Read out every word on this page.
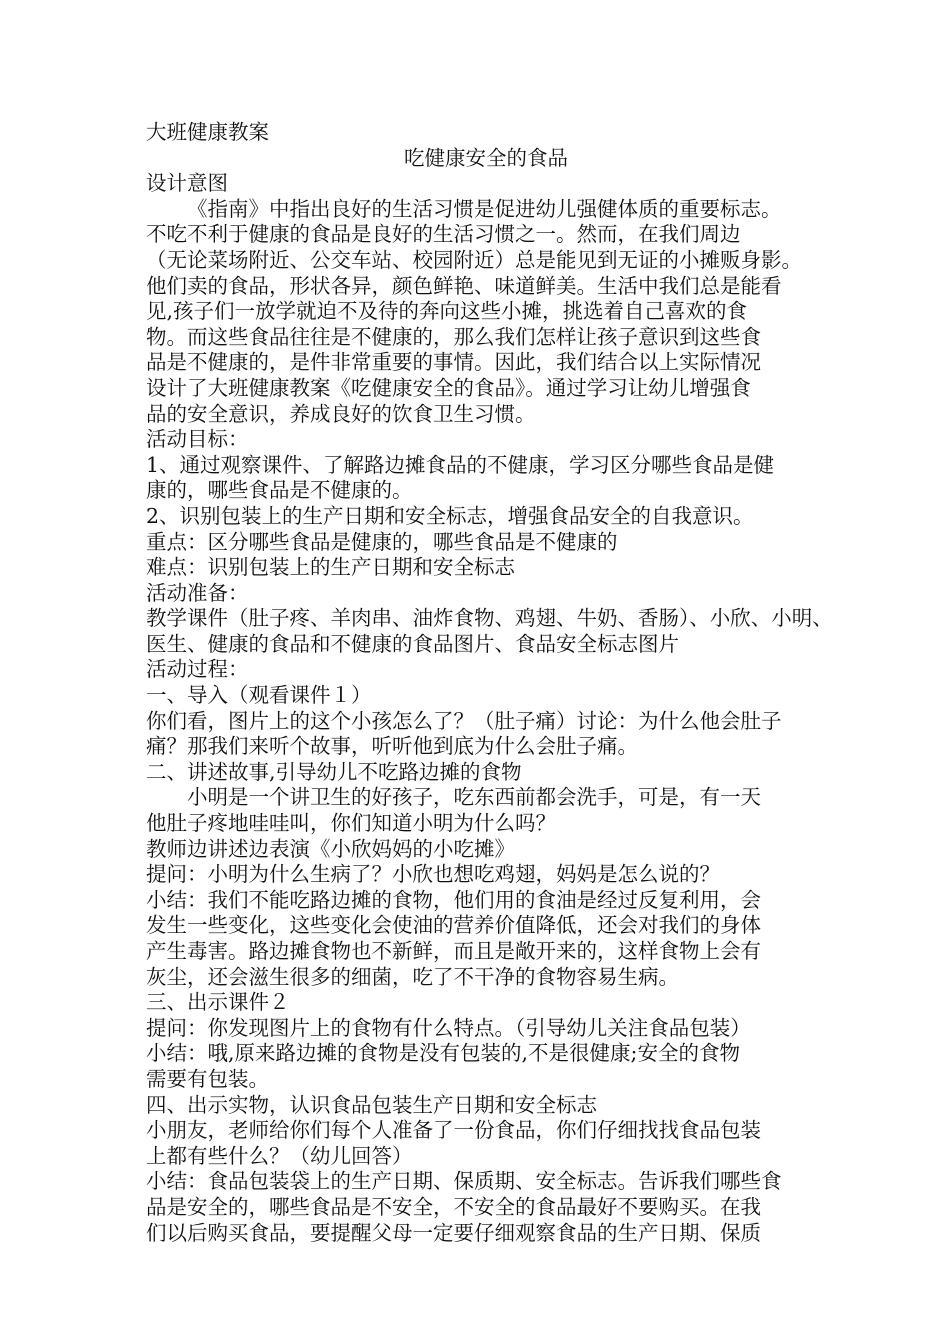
大班健康教案
吃健康安全的食品
设计意图
《指南》中指出良好的生活习惯是促进幼儿强健体质的重要标志。
不吃不利于健康的食品是良好的生活习惯之一。然而，在我们周边
（无论菜场附近、公交车站、校园附近）总是能见到无证的小摊贩身影。
他们卖的食品，形状各异，颜色鲜艳、味道鲜美。生活中我们总是能看
见,孩子们一放学就迫不及待的奔向这些小摊，挑选着自己喜欢的食
物。而这些食品往往是不健康的，那么我们怎样让孩子意识到这些食
品是不健康的，是件非常重要的事情。因此，我们结合以上实际情况
设计了大班健康教案《吃健康安全的食品》。通过学习让幼儿增强食
品的安全意识，养成良好的饮食卫生习惯。
活动目标：
1、通过观察课件、了解路边摊食品的不健康，学习区分哪些食品是健
康的，哪些食品是不健康的。
2、识别包装上的生产日期和安全标志，增强食品安全的自我意识。
重点：区分哪些食品是健康的，哪些食品是不健康的
难点：识别包装上的生产日期和安全标志
活动准备：
教学课件（肚子疼、羊肉串、油炸食物、鸡翅、牛奶、香肠）、小欣、小明、
医生、健康的食品和不健康的食品图片、食品安全标志图片
活动过程：
一、导入（观看课件１）
你们看，图片上的这个小孩怎么了？（肚子痛）讨论：为什么他会肚子
痛？那我们来听个故事，听听他到底为什么会肚子痛。
二、讲述故事,引导幼儿不吃路边摊的食物
小明是一个讲卫生的好孩子，吃东西前都会洗手，可是，有一天
他肚子疼地哇哇叫，你们知道小明为什么吗？
教师边讲述边表演《小欣妈妈的小吃摊》
提问：小明为什么生病了？小欣也想吃鸡翅，妈妈是怎么说的？
小结：我们不能吃路边摊的食物，他们用的食油是经过反复利用，会
发生一些变化，这些变化会使油的营养价值降低，还会对我们的身体
产生毒害。路边摊食物也不新鲜，而且是敞开来的，这样食物上会有
灰尘，还会滋生很多的细菌，吃了不干净的食物容易生病。
三、出示课件２
提问：你发现图片上的食物有什么特点。（引导幼儿关注食品包装）
小结：哦,原来路边摊的食物是没有包装的,不是很健康;安全的食物
需要有包装。
四、出示实物，认识食品包装生产日期和安全标志
小朋友，老师给你们每个人准备了一份食品，你们仔细找找食品包装
上都有些什么？（幼儿回答）
小结：食品包装袋上的生产日期、保质期、安全标志。告诉我们哪些食
品是安全的，哪些食品是不安全，不安全的食品最好不要购买。在我
们以后购买食品，要提醒父母一定要仔细观察食品的生产日期、保质
